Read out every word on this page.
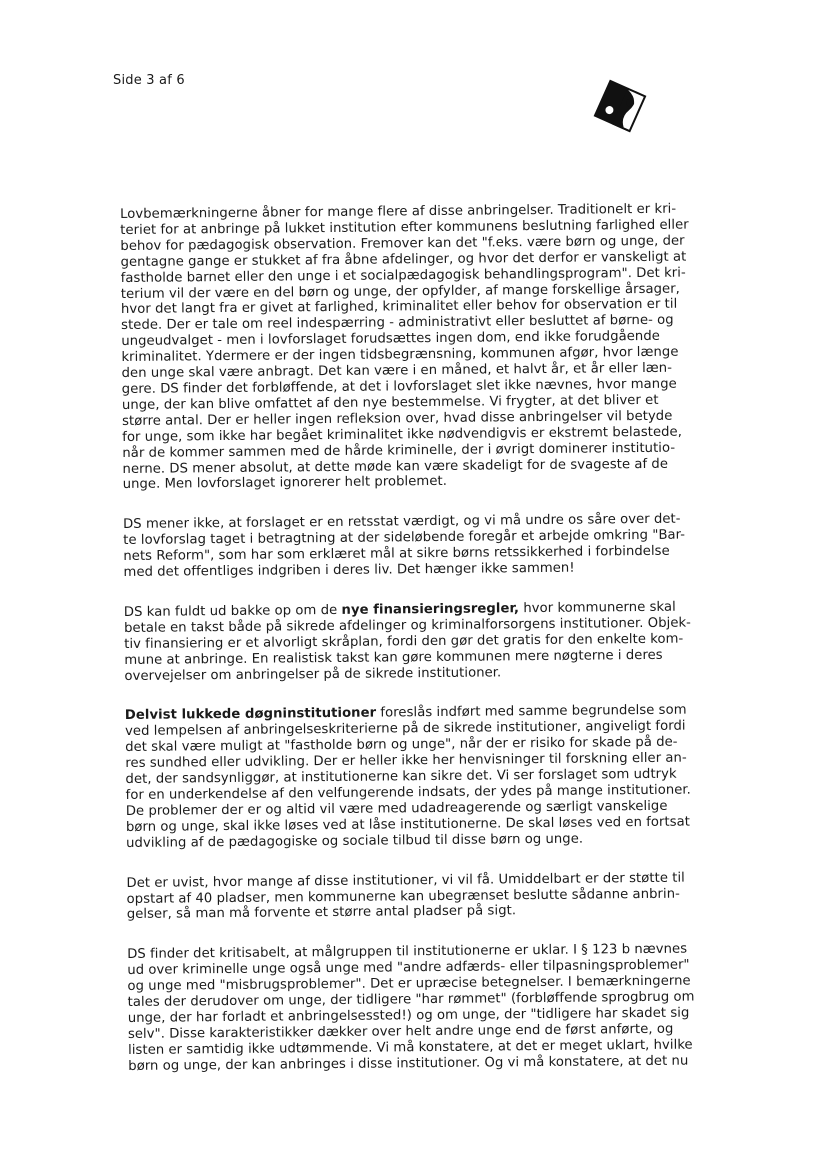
Side 3 af 6

Lovbemærkningerne åbner for mange flere af disse anbringelser. Traditionelt er kri-
teriet for at anbringe på lukket institution efter kommunens beslutning farlighed eller
behov for pædagogisk observation. Fremover kan det "f.eks. være børn og unge, der
gentagne gange er stukket af fra åbne afdelinger, og hvor det derfor er vanskeligt at
fastholde barnet eller den unge i et socialpædagogisk behandlingsprogram". Det kri-
terium vil der være en del børn og unge, der opfylder, af mange forskellige årsager,
hvor det langt fra er givet at farlighed, kriminalitet eller behov for observation er til
stede. Der er tale om reel indespærring - administrativt eller besluttet af børne- og
ungeudvalget - men i lovforslaget forudsættes ingen dom, end ikke forudgående
kriminalitet. Ydermere er der ingen tidsbegrænsning, kommunen afgør, hvor længe
den unge skal være anbragt. Det kan være i en måned, et halvt år, et år eller læn-
gere. DS finder det forbløffende, at det i lovforslaget slet ikke nævnes, hvor mange
unge, der kan blive omfattet af den nye bestemmelse. Vi frygter, at det bliver et
større antal. Der er heller ingen refleksion over, hvad disse anbringelser vil betyde
for unge, som ikke har begået kriminalitet ikke nødvendigvis er ekstremt belastede,
når de kommer sammen med de hårde kriminelle, der i øvrigt dominerer institutio-
nerne. DS mener absolut, at dette møde kan være skadeligt for de svageste af de
unge. Men lovforslaget ignorerer helt problemet.

DS mener ikke, at forslaget er en retsstat værdigt, og vi må undre os såre over det-
te lovforslag taget i betragtning at der sideløbende foregår et arbejde omkring "Bar-
nets Reform", som har som erklæret mål at sikre børns retssikkerhed i forbindelse
med det offentliges indgriben i deres liv. Det hænger ikke sammen!

DS kan fuldt ud bakke op om de nye finansieringsregler, hvor kommunerne skal
betale en takst både på sikrede afdelinger og kriminalforsorgens institutioner. Objek-
tiv finansiering er et alvorligt skråplan, fordi den gør det gratis for den enkelte kom-
mune at anbringe. En realistisk takst kan gøre kommunen mere nøgterne i deres
overvejelser om anbringelser på de sikrede institutioner.

Delvist lukkede døgninstitutioner foreslås indført med samme begrundelse som
ved lempelsen af anbringelseskriterierne på de sikrede institutioner, angiveligt fordi
det skal være muligt at "fastholde børn og unge", når der er risiko for skade på de-
res sundhed eller udvikling. Der er heller ikke her henvisninger til forskning eller an-
det, der sandsynliggør, at institutionerne kan sikre det. Vi ser forslaget som udtryk
for en underkendelse af den velfungerende indsats, der ydes på mange institutioner.
De problemer der er og altid vil være med udadreagerende og særligt vanskelige
børn og unge, skal ikke løses ved at låse institutionerne. De skal løses ved en fortsat
udvikling af de pædagogiske og sociale tilbud til disse børn og unge.

Det er uvist, hvor mange af disse institutioner, vi vil få. Umiddelbart er der støtte til
opstart af 40 pladser, men kommunerne kan ubegrænset beslutte sådanne anbrin-
gelser, så man må forvente et større antal pladser på sigt.

DS finder det kritisabelt, at målgruppen til institutionerne er uklar. I § 123 b nævnes
ud over kriminelle unge også unge med "andre adfærds- eller tilpasningsproblemer"
og unge med "misbrugsproblemer". Det er upræcise betegnelser. I bemærkningerne
tales der derudover om unge, der tidligere "har rømmet" (forbløffende sprogbrug om
unge, der har forladt et anbringelsessted!) og om unge, der "tidligere har skadet sig
selv". Disse karakteristikker dækker over helt andre unge end de først anførte, og
listen er samtidig ikke udtømmende. Vi må konstatere, at det er meget uklart, hvilke
børn og unge, der kan anbringes i disse institutioner. Og vi må konstatere, at det nu
